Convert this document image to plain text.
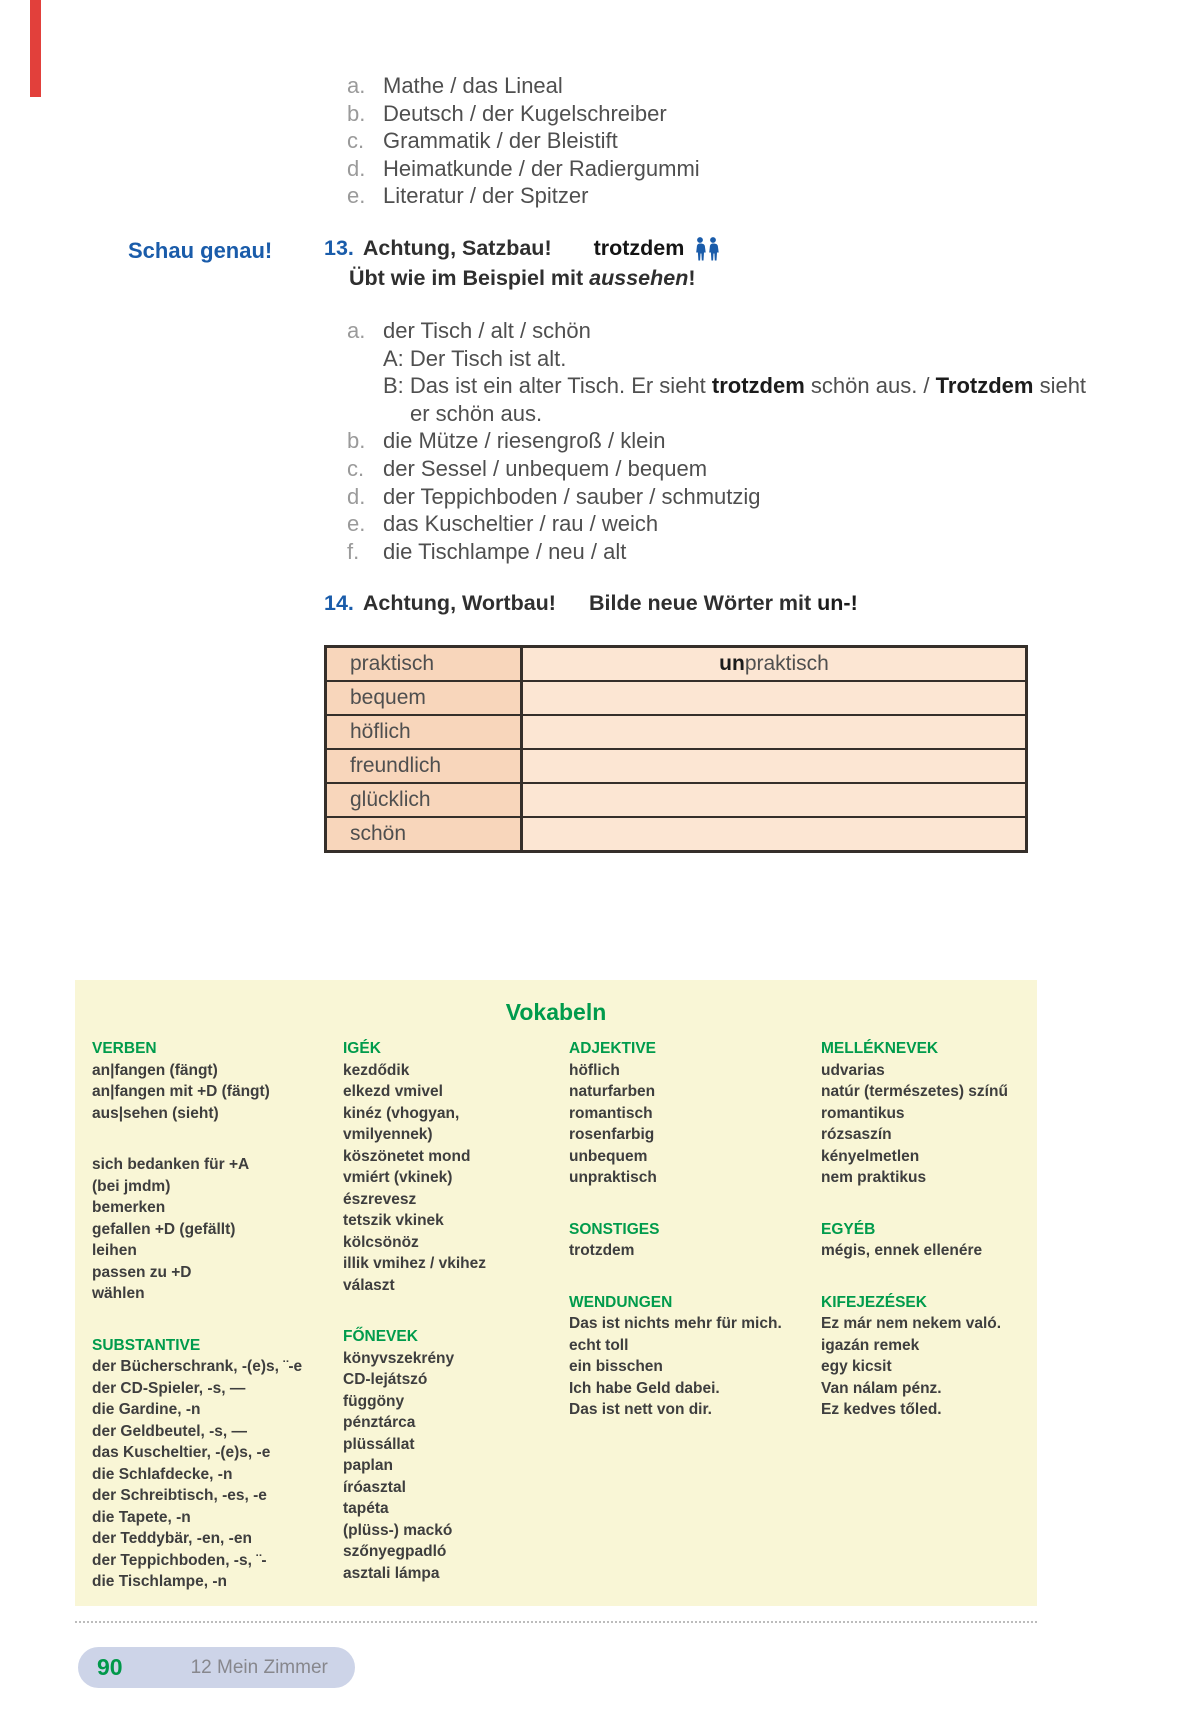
a. Mathe / das Lineal
b. Deutsch / der Kugelschreiber
c. Grammatik / der Bleistift
d. Heimatkunde / der Radiergummi
e. Literatur / der Spitzer
Schau genau! 13. Achtung, Satzbau! trotzdem
Übt wie im Beispiel mit aussehen!
a. der Tisch / alt / schön
A: Der Tisch ist alt.
B: Das ist ein alter Tisch. Er sieht trotzdem schön aus. / Trotzdem sieht
er schön aus.
b. die Mütze / riesengroß / klein
c. der Sessel / unbequem / bequem
d. der Teppichboden / sauber / schmutzig
e. das Kuscheltier / rau / weich
f.	die Tischlampe / neu / alt
14. Achtung, Wortbau! Bilde neue Wörter mit un-!
praktisch	un praktisch
bequem
höflich
freundlich
glücklich
schön
Vokabeln
VERBEN
an|fangen (fängt)
an|fangen mit +D (fängt)
aus|sehen (sieht)
sich bedanken für +A
(bei jmdm)
bemerken
gefallen +D (gefällt)
leihen
passen zu +D
wählen
SUBSTANTIVE
der Bücherschrank, -(e)s, ¨-e
der CD-Spieler, -s, —
die Gardine, -n
der Geldbeutel, -s, —
das Kuscheltier, -(e)s, -e
die Schlafdecke, -n
der Schreibtisch, -es, -e
die Tapete, -n
der Teddybär, -en, -en
der Teppichboden, -s, ¨-
die Tischlampe, -n
IGÉK
kezdődik
elkezd vmivel
kinéz (vhogyan,
vmilyennek)
köszönetet mond
vmiért (vkinek)
észrevesz
tetszik vkinek
kölcsönöz
illik vmihez / vkihez
választ
FŐNEVEK
könyvszekrény
CD-lejátszó
függöny
pénztárca
plüssállat
paplan
íróasztal
tapéta
(plüss-) mackó
szőnyegpadló
asztali lámpa
ADJEKTIVE
höflich
naturfarben
romantisch
rosenfarbig
unbequem
unpraktisch
SONSTIGES
trotzdem
WENDUNGEN
Das ist nichts mehr für mich.
echt toll
ein bisschen
Ich habe Geld dabei.
Das ist nett von dir.
MELLÉKNEVEK
udvarias
natúr (természetes) színű
romantikus
rózsaszín
kényelmetlen
nem praktikus
EGYÉB
mégis, ennek ellenére
KIFEJEZÉSEK
Ez már nem nekem való.
igazán remek
egy kicsit
Van nálam pénz.
Ez kedves tőled.
90	12 Mein Zimmer
